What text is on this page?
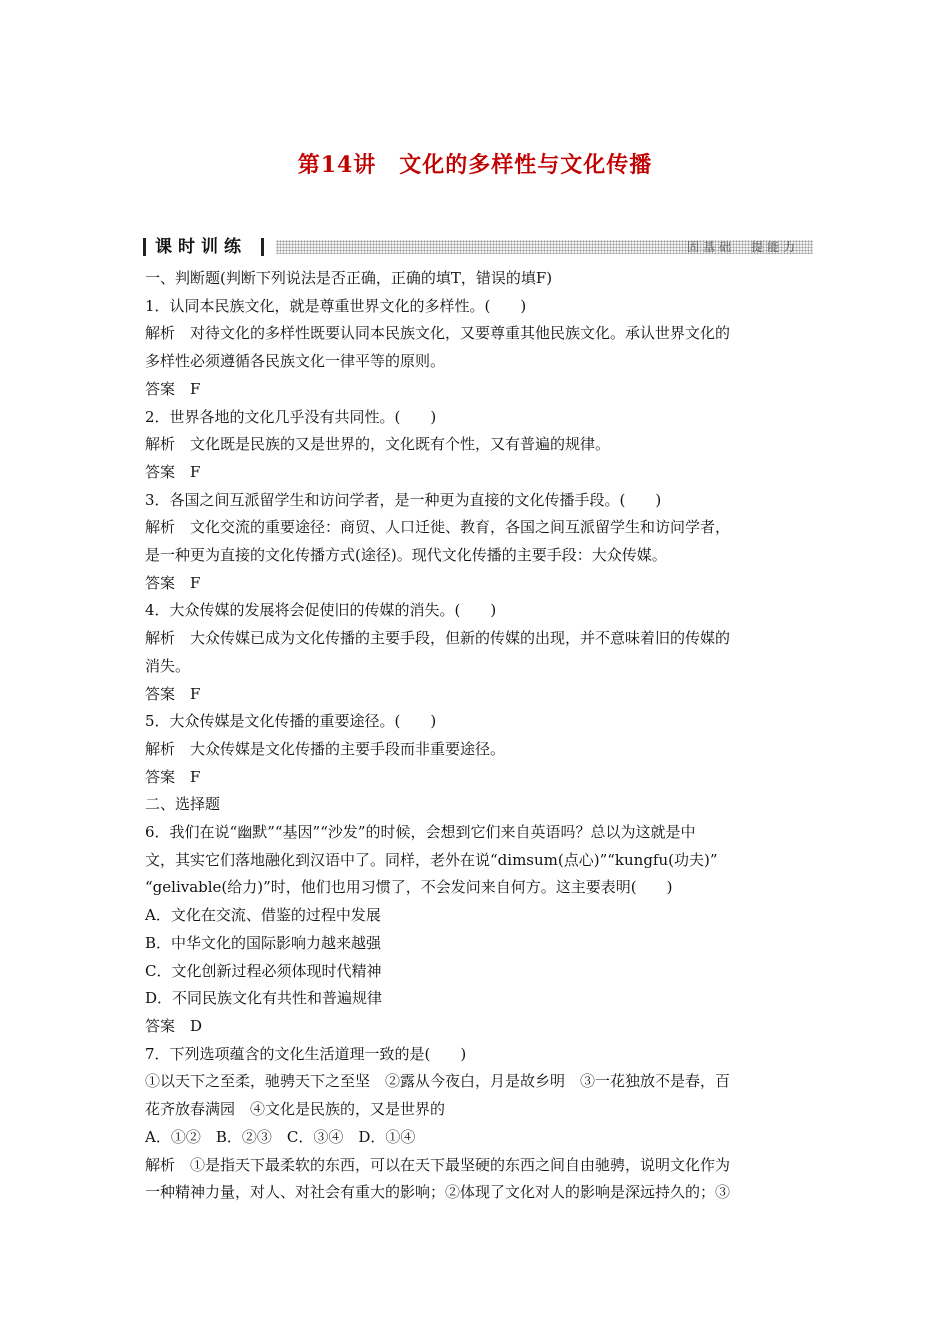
第14讲　文化的多样性与文化传播
课时训练	固基础　提能力

一、判断题(判断下列说法是否正确，正确的填T，错误的填F)

1．认同本民族文化，就是尊重世界文化的多样性。(　　)

解析　对待文化的多样性既要认同本民族文化，又要尊重其他民族文化。承认世界文化的

多样性必须遵循各民族文化一律平等的原则。

答案　F

2．世界各地的文化几乎没有共同性。(　　)

解析　文化既是民族的又是世界的，文化既有个性，又有普遍的规律。

答案　F

3．各国之间互派留学生和访问学者，是一种更为直接的文化传播手段。(　　)

解析　文化交流的重要途径：商贸、人口迁徙、教育，各国之间互派留学生和访问学者，

是一种更为直接的文化传播方式(途径)。现代文化传播的主要手段：大众传媒。

答案　F

4．大众传媒的发展将会促使旧的传媒的消失。(　　)

解析　大众传媒已成为文化传播的主要手段，但新的传媒的出现，并不意味着旧的传媒的

消失。

答案　F

5．大众传媒是文化传播的重要途径。(　　)

解析　大众传媒是文化传播的主要手段而非重要途径。

答案　F

二、选择题

6．我们在说“幽默”“基因”“沙发”的时候，会想到它们来自英语吗？总以为这就是中

文，其实它们落地融化到汉语中了。同样，老外在说“dimsum(点心)”“kungfu(功夫)”

“gelivable(给力)”时，他们也用习惯了，不会发问来自何方。这主要表明(　　)

A．文化在交流、借鉴的过程中发展

B．中华文化的国际影响力越来越强

C．文化创新过程必须体现时代精神

D．不同民族文化有共性和普遍规律

答案　D

7．下列选项蕴含的文化生活道理一致的是(　　)

①以天下之至柔，驰骋天下之至坚　②露从今夜白，月是故乡明　③一花独放不是春，百

花齐放春满园　④文化是民族的，又是世界的

A．①②　B．②③　C．③④　D．①④

解析　①是指天下最柔软的东西，可以在天下最坚硬的东西之间自由驰骋，说明文化作为

一种精神力量，对人、对社会有重大的影响；②体现了文化对人的影响是深远持久的；③
